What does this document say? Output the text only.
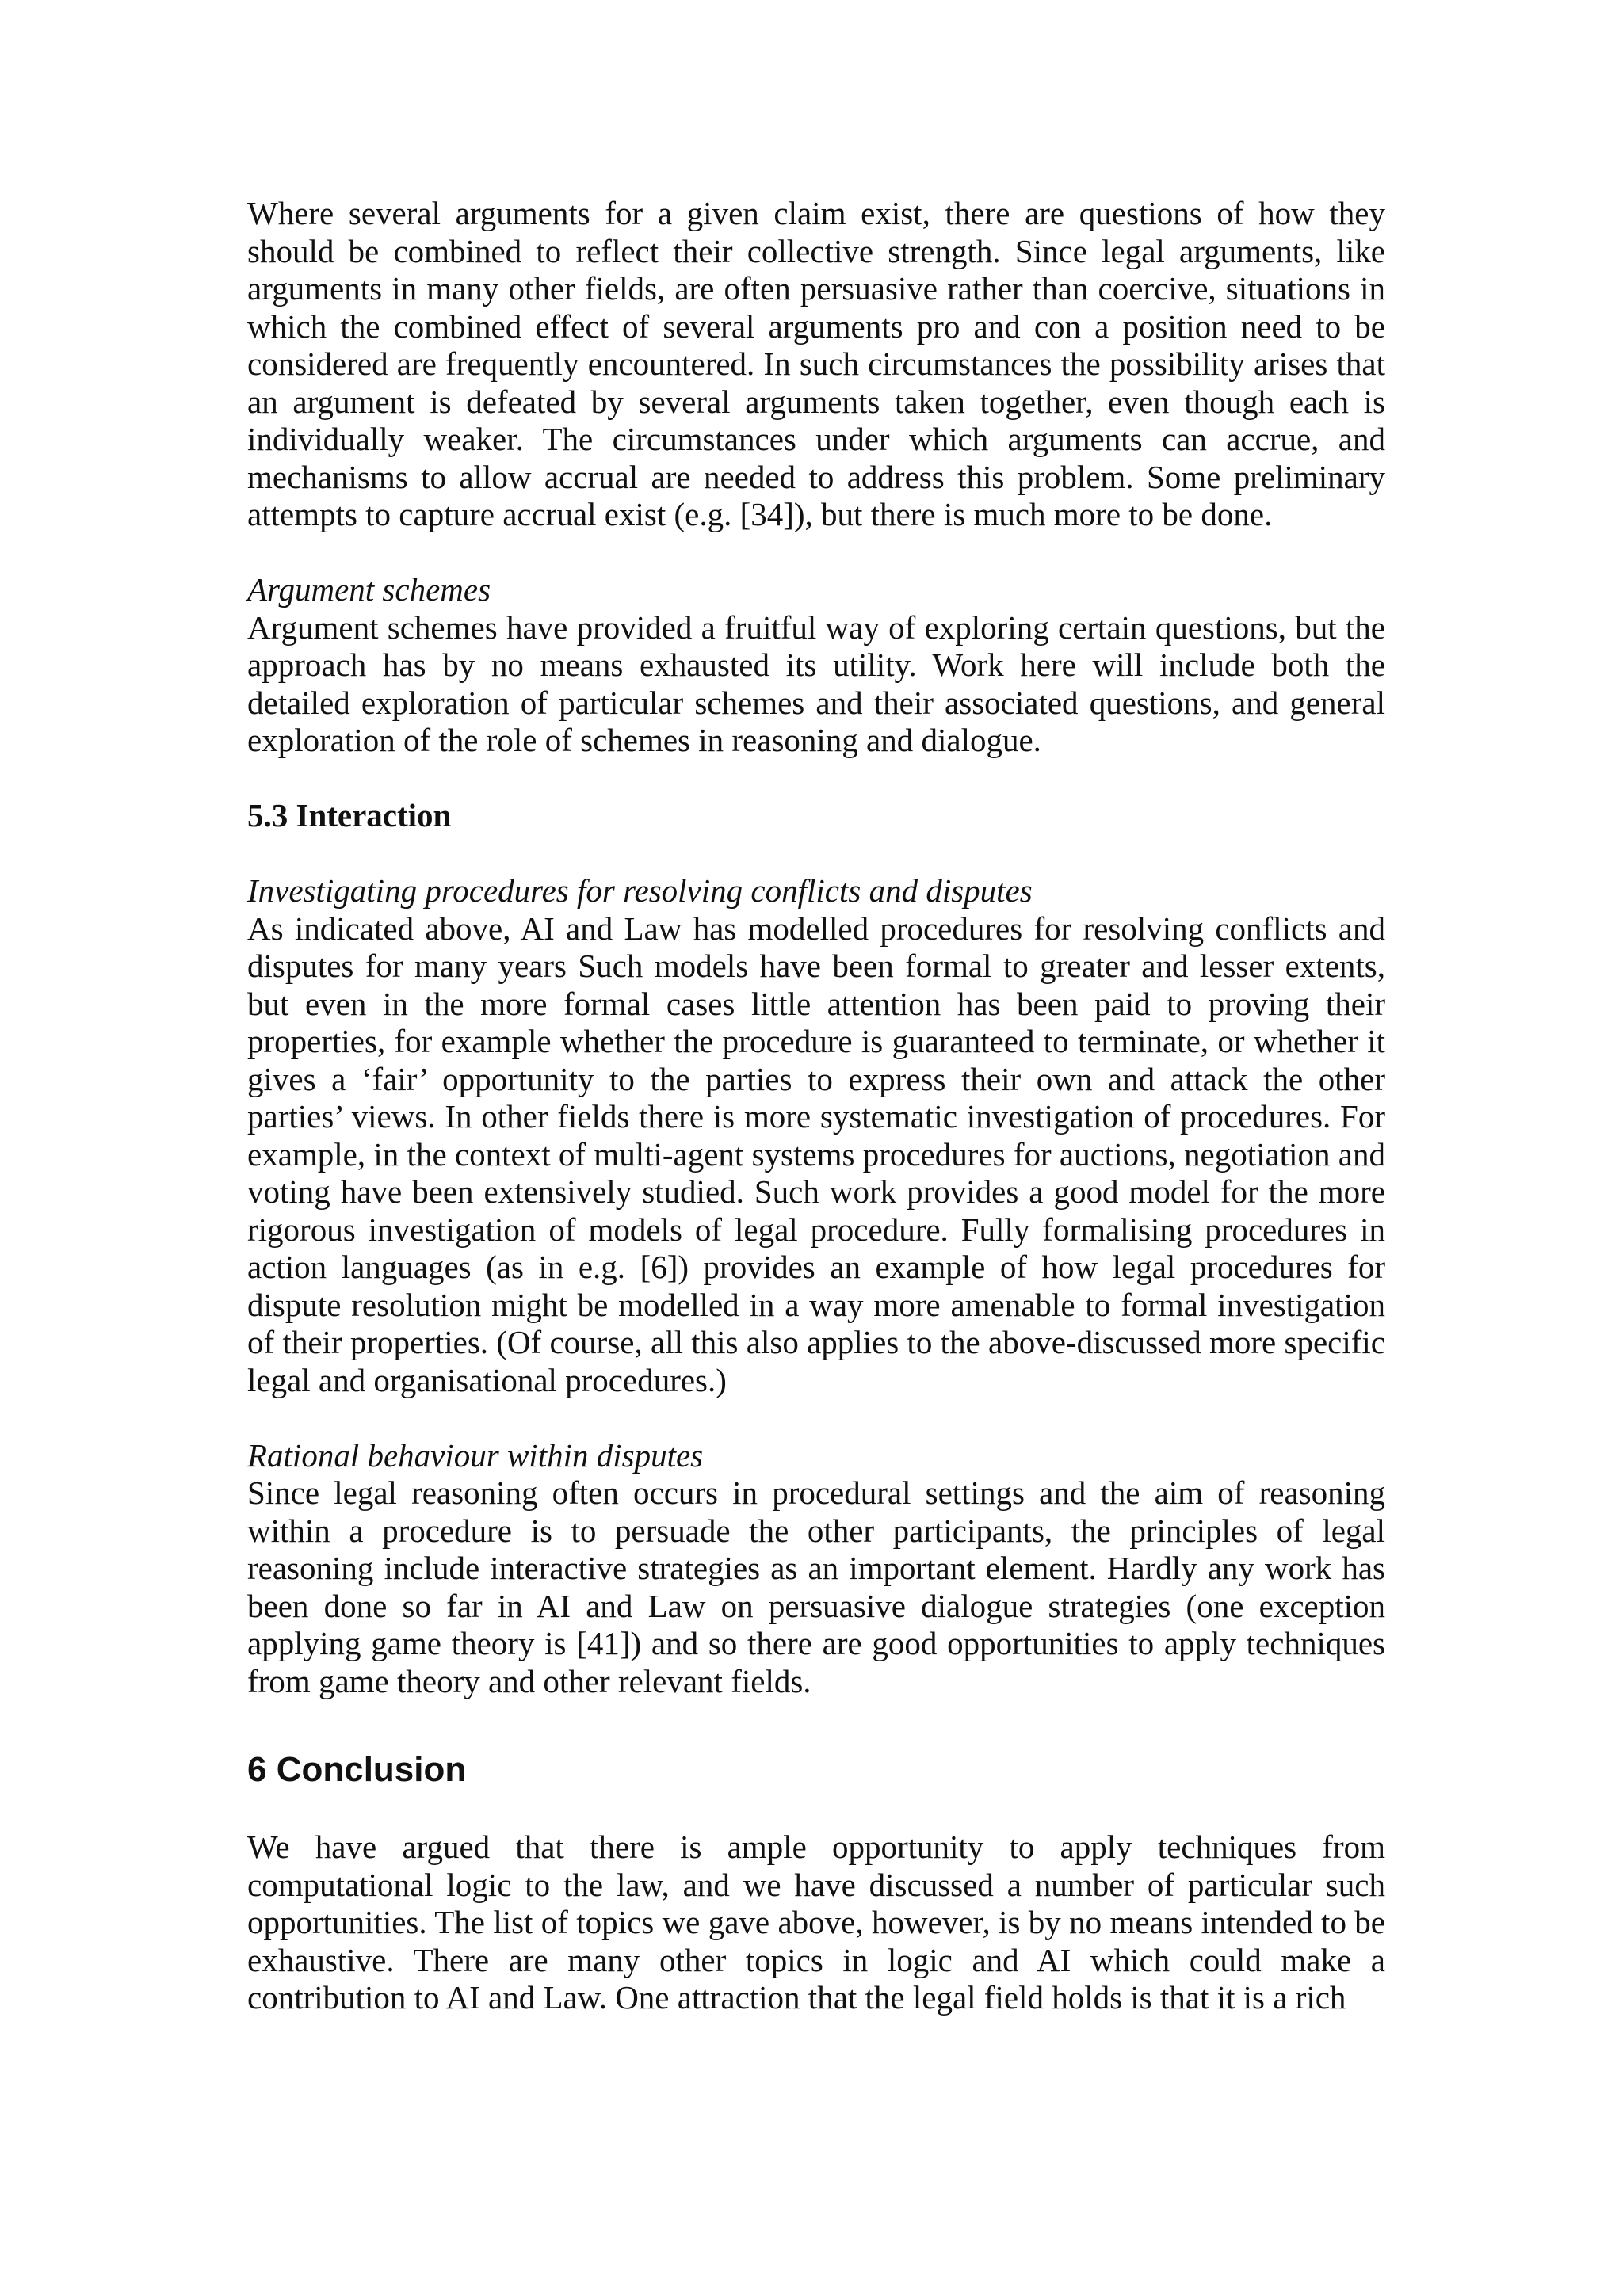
Where several arguments for a given claim exist, there are questions of how they should be combined to reflect their collective strength. Since legal arguments, like arguments in many other fields, are often persuasive rather than coercive, situations in which the combined effect of several arguments pro and con a position need to be considered are frequently encountered. In such circumstances the possibility arises that an argument is defeated by several arguments taken together, even though each is individually weaker. The circumstances under which arguments can accrue, and mechanisms to allow accrual are needed to address this problem. Some preliminary attempts to capture accrual exist (e.g. [34]), but there is much more to be done.

Argument schemes

Argument schemes have provided a fruitful way of exploring certain questions, but the approach has by no means exhausted its utility. Work here will include both the detailed exploration of particular schemes and their associated questions, and general exploration of the role of schemes in reasoning and dialogue.

5.3 Interaction

Investigating procedures for resolving conflicts and disputes

As indicated above, AI and Law has modelled procedures for resolving conflicts and disputes for many years Such models have been formal to greater and lesser extents, but even in the more formal cases little attention has been paid to proving their properties, for example whether the procedure is guaranteed to terminate, or whether it gives a ‘fair’ opportunity to the parties to express their own and attack the other parties’ views. In other fields there is more systematic investigation of procedures. For example, in the context of multi-agent systems procedures for auctions, negotiation and voting have been extensively studied. Such work provides a good model for the more rigorous investigation of models of legal procedure. Fully formalising procedures in action languages (as in e.g. [6]) provides an example of how legal procedures for dispute resolution might be modelled in a way more amenable to formal investigation of their properties. (Of course, all this also applies to the above-discussed more specific legal and organisational procedures.)

Rational behaviour within disputes

Since legal reasoning often occurs in procedural settings and the aim of reasoning within a procedure is to persuade the other participants, the principles of legal reasoning include interactive strategies as an important element. Hardly any work has been done so far in AI and Law on persuasive dialogue strategies (one exception applying game theory is [41]) and so there are good opportunities to apply techniques from game theory and other relevant fields.

6 Conclusion

We have argued that there is ample opportunity to apply techniques from computational logic to the law, and we have discussed a number of particular such opportunities. The list of topics we gave above, however, is by no means intended to be exhaustive. There are many other topics in logic and AI which could make a contribution to AI and Law. One attraction that the legal field holds is that it is a rich
